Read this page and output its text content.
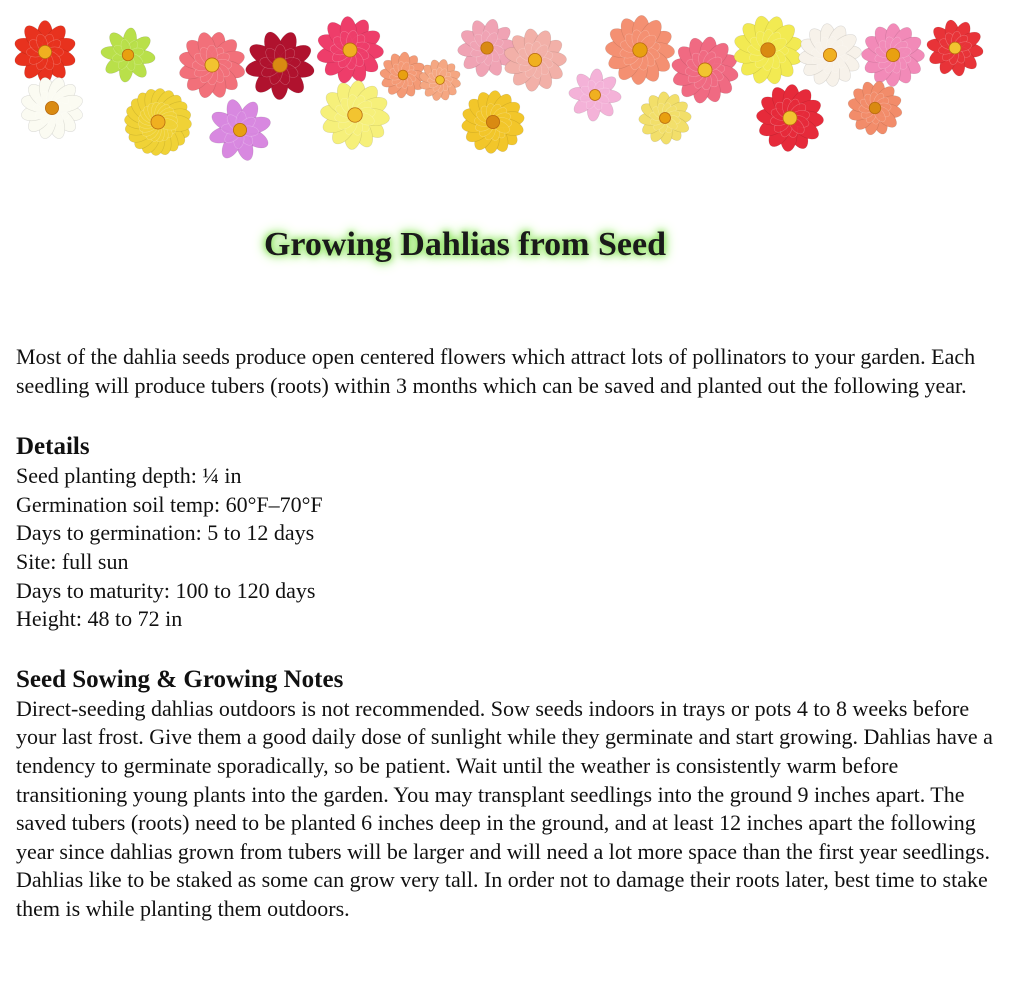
Growing Dahlias from Seed

Most of the dahlia seeds produce open centered flowers which attract lots of pollinators to your garden. Each seedling will produce tubers (roots) within 3 months which can be saved and planted out the following year.

Details
Seed planting depth: ¼ in
Germination soil temp: 60°F–70°F
Days to germination: 5 to 12 days
Site: full sun
Days to maturity: 100 to 120 days
Height: 48 to 72 in
Seed Sowing & Growing Notes

Direct-seeding dahlias outdoors is not recommended. Sow seeds indoors in trays or pots 4 to 8 weeks before your last frost. Give them a good daily dose of sunlight while they germinate and start growing. Dahlias have a tendency to germinate sporadically, so be patient. Wait until the weather is consistently warm before transitioning young plants into the garden. You may transplant seedlings into the ground 9 inches apart. The saved tubers (roots) need to be planted 6 inches deep in the ground, and at least 12 inches apart the following year since dahlias grown from tubers will be larger and will need a lot more space than the first year seedlings. Dahlias like to be staked as some can grow very tall. In order not to damage their roots later, best time to stake them is while planting them outdoors.
